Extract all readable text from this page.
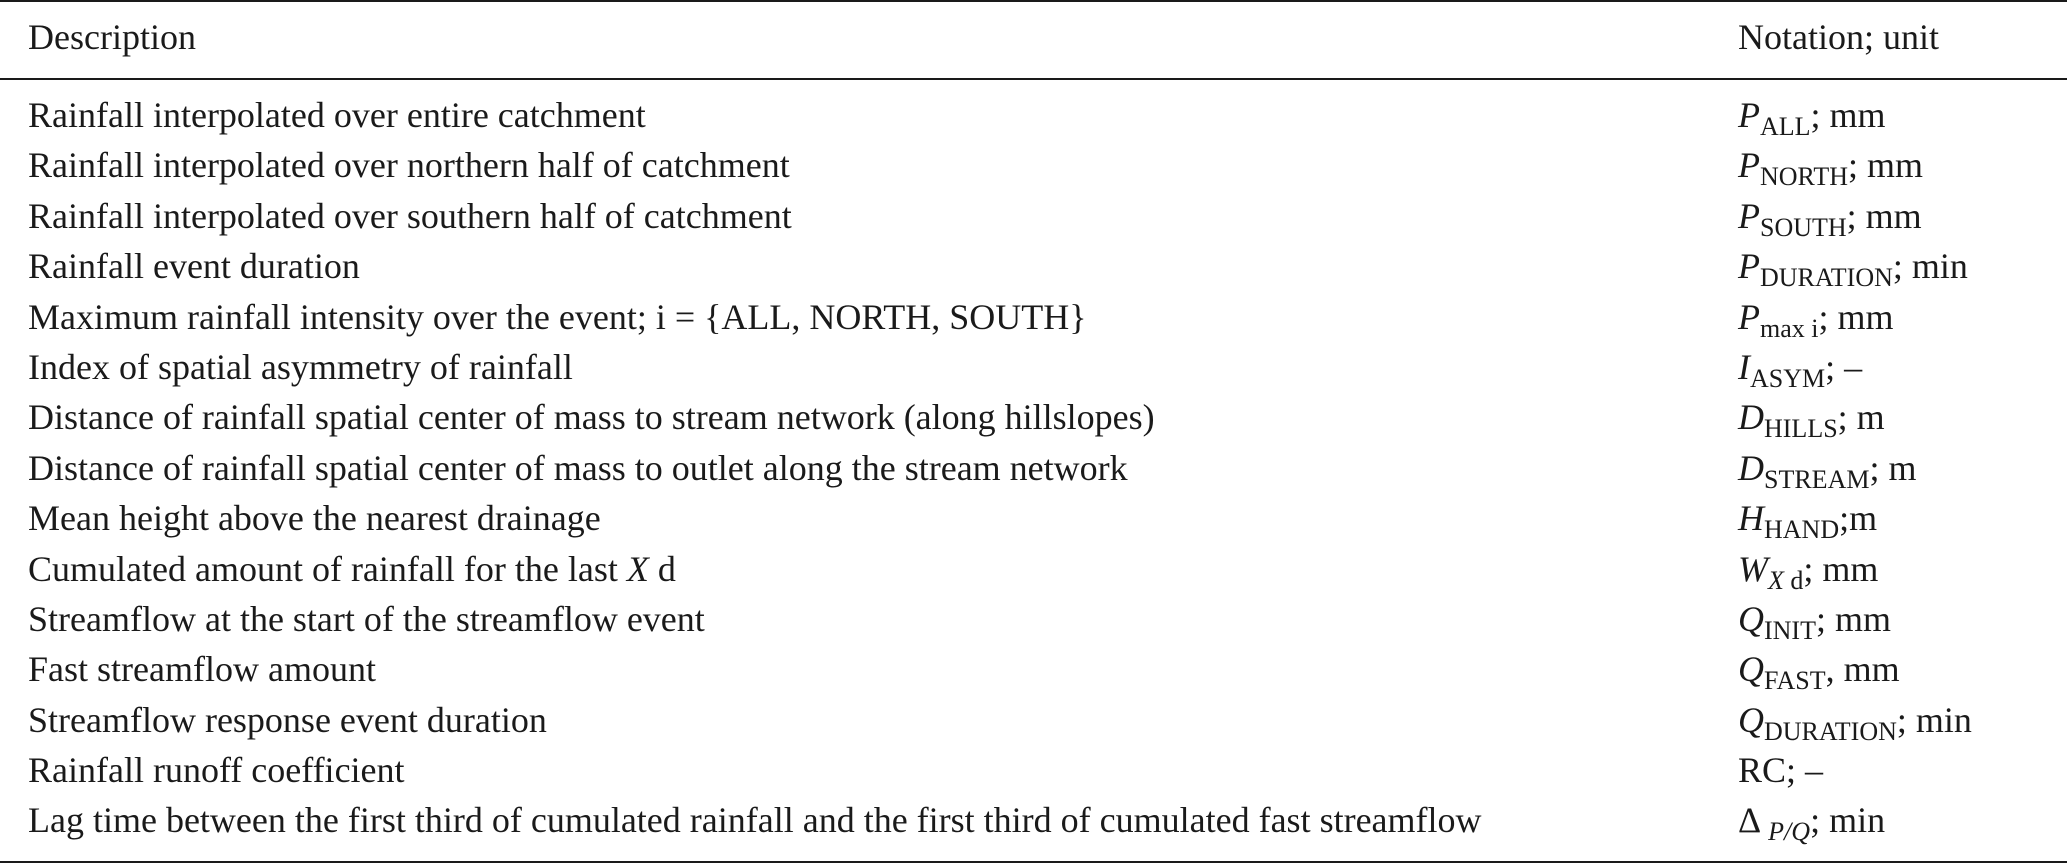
Description	Notation; unit
Rainfall interpolated over entire catchment	$P_{ALL}$; mm
Rainfall interpolated over northern half of catchment	$P_{NORTH}$; mm
Rainfall interpolated over southern half of catchment	$P_{SOUTH}$; mm
Rainfall event duration	$P_{DURATION}$; min
Maximum rainfall intensity over the event; i = {ALL, NORTH, SOUTH}	$P_{max i}$; mm
Index of spatial asymmetry of rainfall	$I_{ASYM}$; –
Distance of rainfall spatial center of mass to stream network (along hillslopes)	$D_{HILLS}$; m
Distance of rainfall spatial center of mass to outlet along the stream network	$D_{STREAM}$; m
Mean height above the nearest drainage	$H_{HAND};m$
Cumulated amount of rainfall for the last X d	$W_{X d}$; mm
Streamflow at the start of the streamflow event	$Q_{INIT}$; mm
Fast streamflow amount	$Q_{FAST}$, mm
Streamflow response event duration	$Q_{DURATION}$; min
Rainfall runoff coefficient	RC; –
Lag time between the first third of cumulated rainfall and the first third of cumulated fast streamflow	Δ $_{P/Q}$; min
